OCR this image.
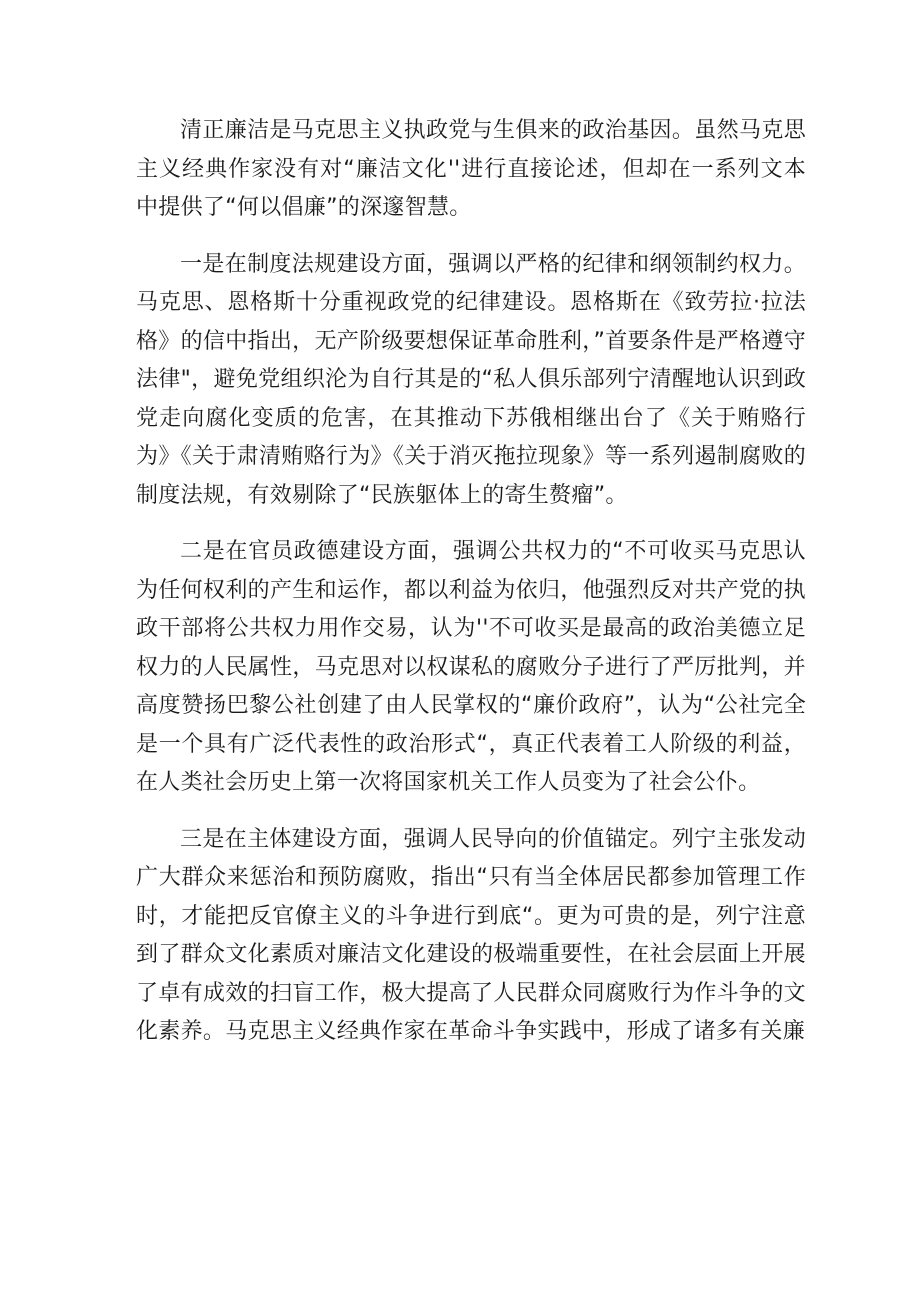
清正廉洁是马克思主义执政党与生俱来的政治基因。虽然马克思主义经典作家没有对“廉洁文化''进行直接论述，但却在一系列文本中提供了“何以倡廉”的深邃智慧。

一是在制度法规建设方面，强调以严格的纪律和纲领制约权力。马克思、恩格斯十分重视政党的纪律建设。恩格斯在《致劳拉·拉法格》的信中指出，无产阶级要想保证革命胜利，”首要条件是严格遵守法律"，避免党组织沦为自行其是的“私人俱乐部列宁清醒地认识到政党走向腐化变质的危害，在其推动下苏俄相继出台了《关于贿赂行为》《关于肃清贿赂行为》《关于消灭拖拉现象》等一系列遏制腐败的制度法规，有效剔除了“民族躯体上的寄生赘瘤”。

二是在官员政德建设方面，强调公共权力的“不可收买马克思认为任何权利的产生和运作，都以利益为依归，他强烈反对共产党的执政干部将公共权力用作交易，认为''不可收买是最高的政治美德立足权力的人民属性，马克思对以权谋私的腐败分子进行了严厉批判，并高度赞扬巴黎公社创建了由人民掌权的“廉价政府”，认为“公社完全是一个具有广泛代表性的政治形式“，真正代表着工人阶级的利益，在人类社会历史上第一次将国家机关工作人员变为了社会公仆。

三是在主体建设方面，强调人民导向的价值锚定。列宁主张发动广大群众来惩治和预防腐败，指出“只有当全体居民都参加管理工作时，才能把反官僚主义的斗争进行到底“。更为可贵的是，列宁注意到了群众文化素质对廉洁文化建设的极端重要性，在社会层面上开展了卓有成效的扫盲工作，极大提高了人民群众同腐败行为作斗争的文化素养。马克思主义经典作家在革命斗争实践中，形成了诸多有关廉
